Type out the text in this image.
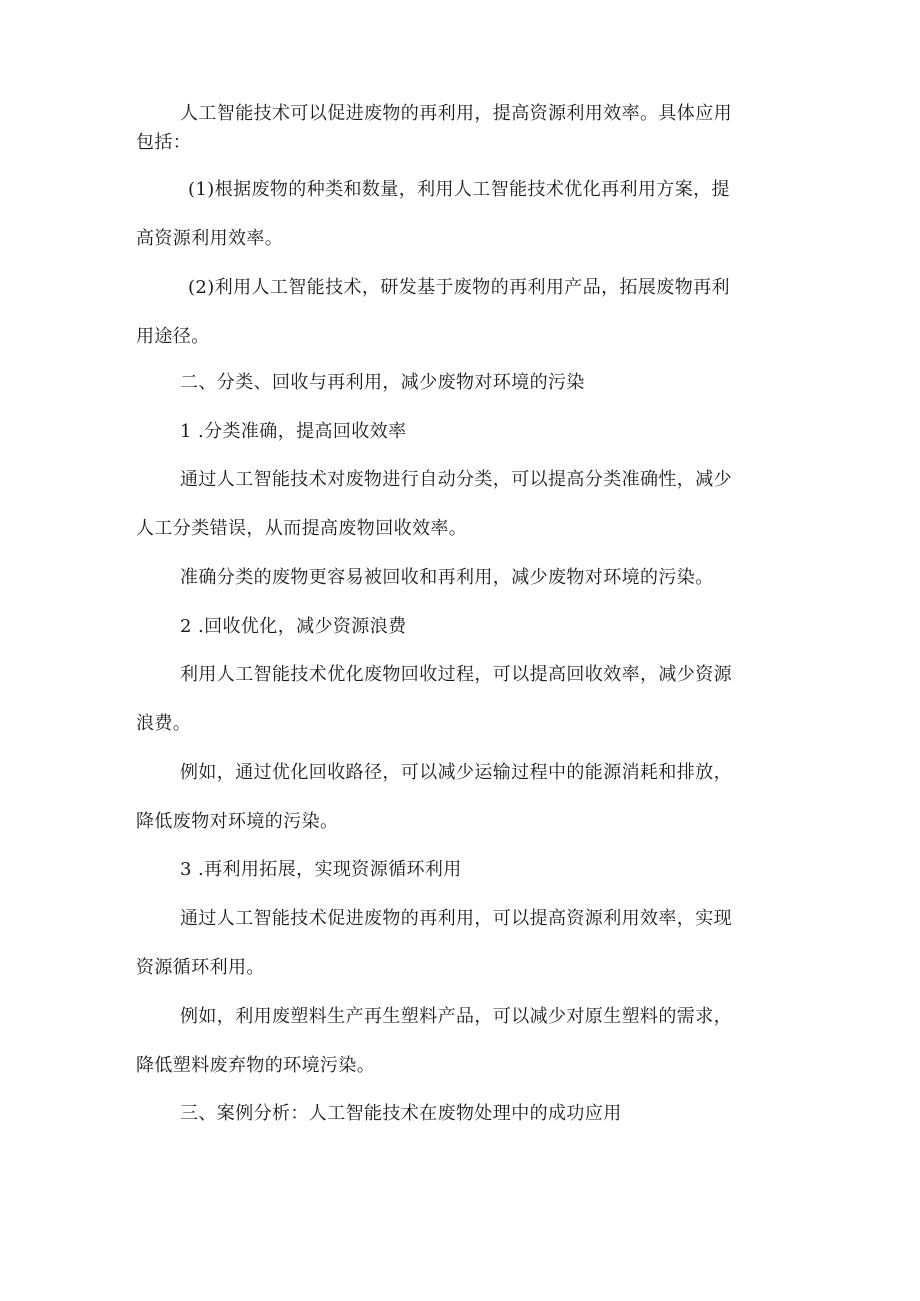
人工智能技术可以促进废物的再利用，提高资源利用效率。具体应用
包括：
(1)根据废物的种类和数量，利用人工智能技术优化再利用方案，提
高资源利用效率。
(2)利用人工智能技术，研发基于废物的再利用产品，拓展废物再利
用途径。
二、分类、回收与再利用，减少废物对环境的污染
1 .分类准确，提高回收效率
通过人工智能技术对废物进行自动分类，可以提高分类准确性，减少
人工分类错误，从而提高废物回收效率。
准确分类的废物更容易被回收和再利用，减少废物对环境的污染。
2 .回收优化，减少资源浪费
利用人工智能技术优化废物回收过程，可以提高回收效率，减少资源
浪费。
例如，通过优化回收路径，可以减少运输过程中的能源消耗和排放，
降低废物对环境的污染。
3 .再利用拓展，实现资源循环利用
通过人工智能技术促进废物的再利用，可以提高资源利用效率，实现
资源循环利用。
例如，利用废塑料生产再生塑料产品，可以减少对原生塑料的需求，
降低塑料废弃物的环境污染。
三、案例分析：人工智能技术在废物处理中的成功应用
